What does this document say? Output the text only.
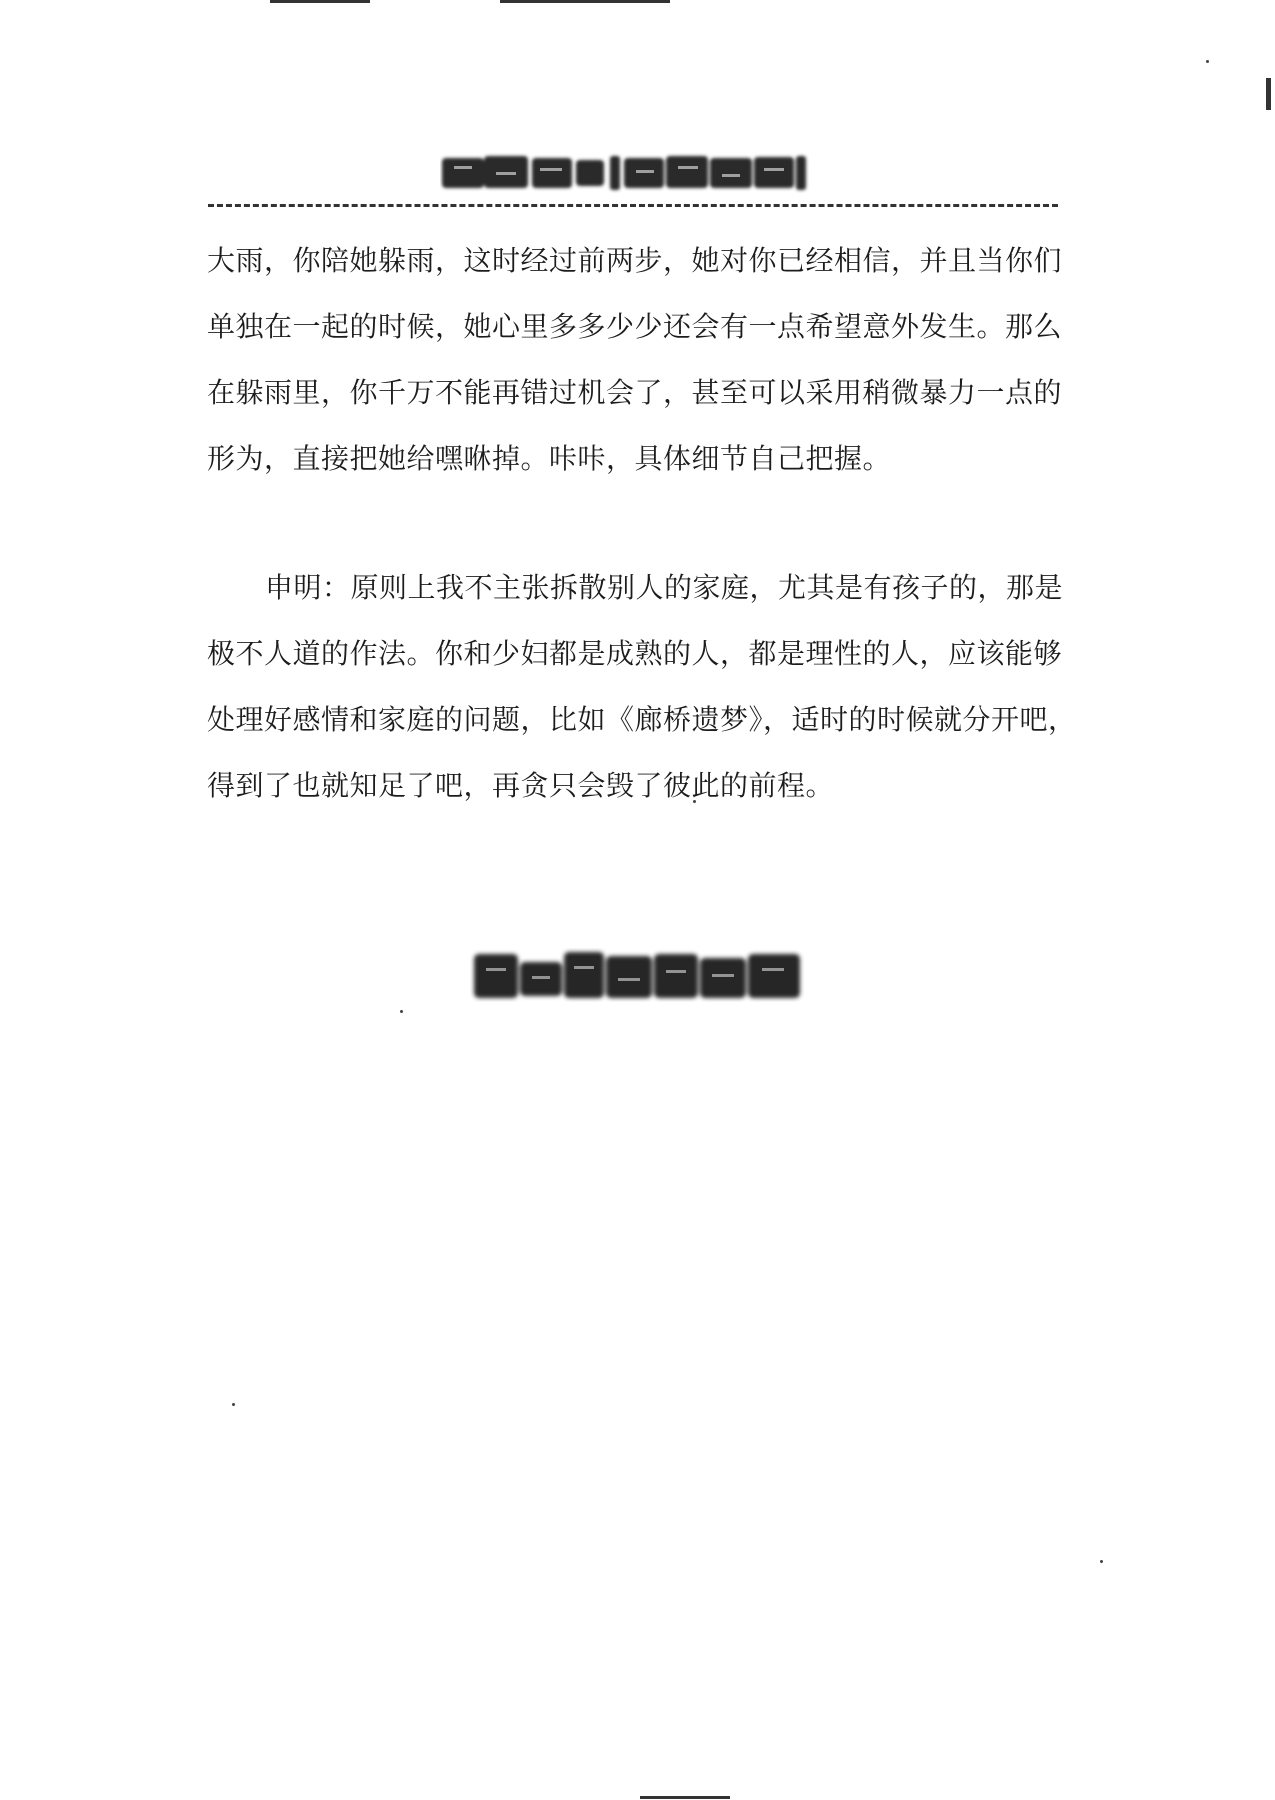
大雨，你陪她躲雨，这时经过前两步，她对你已经相信，并且当你们
单独在一起的时候，她心里多多少少还会有一点希望意外发生。那么
在躲雨里，你千万不能再错过机会了，甚至可以采用稍微暴力一点的
形为，直接把她给嘿咻掉。咔咔，具体细节自己把握。
申明：原则上我不主张拆散别人的家庭，尤其是有孩子的，那是
极不人道的作法。你和少妇都是成熟的人，都是理性的人，应该能够
处理好感情和家庭的问题，比如《廊桥遗梦》，适时的时候就分开吧，
得到了也就知足了吧，再贪只会毁了彼此的前程。
